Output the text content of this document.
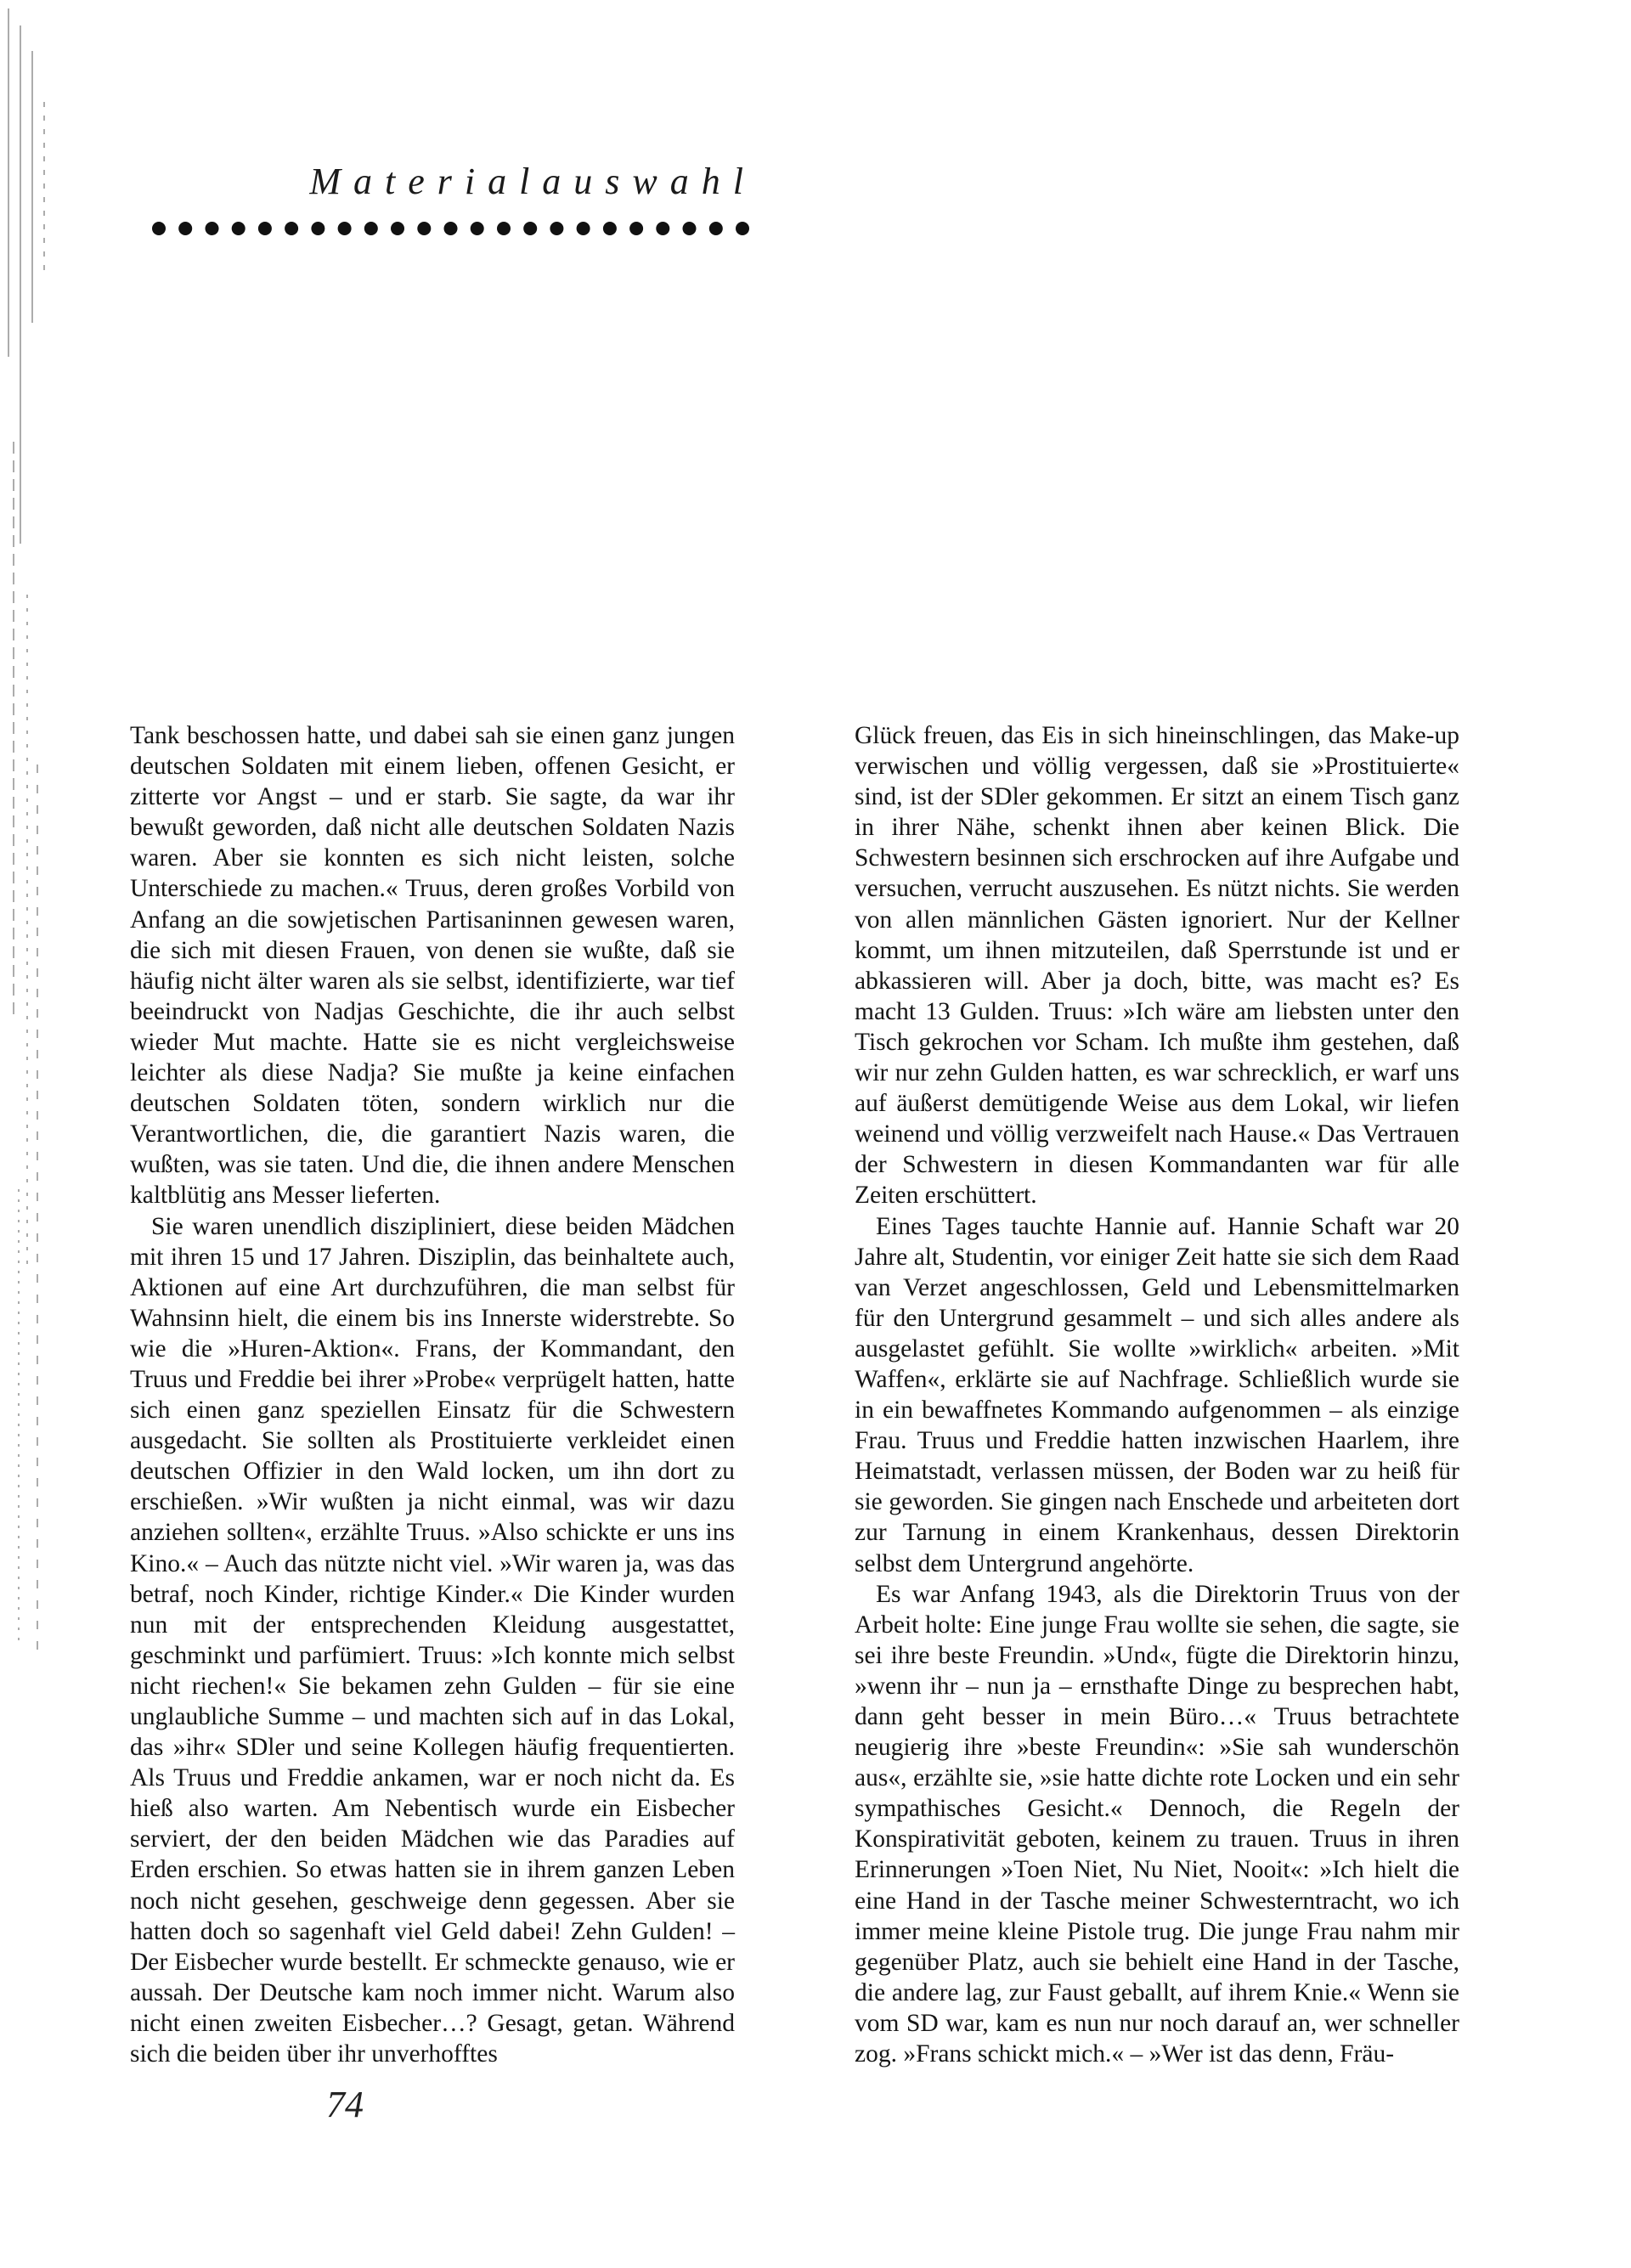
Materialauswahl

Tank beschossen hatte, und dabei sah sie einen ganz jungen deutschen Soldaten mit einem lieben, offenen Gesicht, er zitterte vor Angst – und er starb. Sie sagte, da war ihr bewußt geworden, daß nicht alle deutschen Soldaten Nazis waren. Aber sie konnten es sich nicht leisten, solche Unterschiede zu machen.« Truus, deren großes Vorbild von Anfang an die sowjetischen Partisaninnen gewesen waren, die sich mit diesen Frauen, von denen sie wußte, daß sie häufig nicht älter waren als sie selbst, identifizierte, war tief beeindruckt von Nadjas Geschichte, die ihr auch selbst wieder Mut machte. Hatte sie es nicht vergleichsweise leichter als diese Nadja? Sie mußte ja keine einfachen deutschen Soldaten töten, sondern wirklich nur die Verantwortlichen, die, die garantiert Nazis waren, die wußten, was sie taten. Und die, die ihnen andere Menschen kaltblütig ans Messer lieferten.

Sie waren unendlich diszipliniert, diese beiden Mädchen mit ihren 15 und 17 Jahren. Disziplin, das beinhaltete auch, Aktionen auf eine Art durchzuführen, die man selbst für Wahnsinn hielt, die einem bis ins Innerste widerstrebte. So wie die »Huren-Aktion«. Frans, der Kommandant, den Truus und Freddie bei ihrer »Probe« verprügelt hatten, hatte sich einen ganz speziellen Einsatz für die Schwestern ausgedacht. Sie sollten als Prostituierte verkleidet einen deutschen Offizier in den Wald locken, um ihn dort zu erschießen. »Wir wußten ja nicht einmal, was wir dazu anziehen sollten«, erzählte Truus. »Also schickte er uns ins Kino.« – Auch das nützte nicht viel. »Wir waren ja, was das betraf, noch Kinder, richtige Kinder.« Die Kinder wurden nun mit der entsprechenden Kleidung ausgestattet, geschminkt und parfümiert. Truus: »Ich konnte mich selbst nicht riechen!« Sie bekamen zehn Gulden – für sie eine unglaubliche Summe – und machten sich auf in das Lokal, das »ihr« SDler und seine Kollegen häufig frequentierten. Als Truus und Freddie ankamen, war er noch nicht da. Es hieß also warten. Am Nebentisch wurde ein Eisbecher serviert, der den beiden Mädchen wie das Paradies auf Erden erschien. So etwas hatten sie in ihrem ganzen Leben noch nicht gesehen, geschweige denn gegessen. Aber sie hatten doch so sagenhaft viel Geld dabei! Zehn Gulden! – Der Eisbecher wurde bestellt. Er schmeckte genauso, wie er aussah. Der Deutsche kam noch immer nicht. Warum also nicht einen zweiten Eisbecher…? Gesagt, getan. Während sich die beiden über ihr unverhofftes

Glück freuen, das Eis in sich hineinschlingen, das Make-up verwischen und völlig vergessen, daß sie »Prostituierte« sind, ist der SDler gekommen. Er sitzt an einem Tisch ganz in ihrer Nähe, schenkt ihnen aber keinen Blick. Die Schwestern besinnen sich erschrocken auf ihre Aufgabe und versuchen, verrucht auszusehen. Es nützt nichts. Sie werden von allen männlichen Gästen ignoriert. Nur der Kellner kommt, um ihnen mitzuteilen, daß Sperrstunde ist und er abkassieren will. Aber ja doch, bitte, was macht es? Es macht 13 Gulden. Truus: »Ich wäre am liebsten unter den Tisch gekrochen vor Scham. Ich mußte ihm gestehen, daß wir nur zehn Gulden hatten, es war schrecklich, er warf uns auf äußerst demütigende Weise aus dem Lokal, wir liefen weinend und völlig verzweifelt nach Hause.« Das Vertrauen der Schwestern in diesen Kommandanten war für alle Zeiten erschüttert.

Eines Tages tauchte Hannie auf. Hannie Schaft war 20 Jahre alt, Studentin, vor einiger Zeit hatte sie sich dem Raad van Verzet angeschlossen, Geld und Lebensmittelmarken für den Untergrund gesammelt – und sich alles andere als ausgelastet gefühlt. Sie wollte »wirklich« arbeiten. »Mit Waffen«, erklärte sie auf Nachfrage. Schließlich wurde sie in ein bewaffnetes Kommando aufgenommen – als einzige Frau. Truus und Freddie hatten inzwischen Haarlem, ihre Heimatstadt, verlassen müssen, der Boden war zu heiß für sie geworden. Sie gingen nach Enschede und arbeiteten dort zur Tarnung in einem Krankenhaus, dessen Direktorin selbst dem Untergrund angehörte.

Es war Anfang 1943, als die Direktorin Truus von der Arbeit holte: Eine junge Frau wollte sie sehen, die sagte, sie sei ihre beste Freundin. »Und«, fügte die Direktorin hinzu, »wenn ihr – nun ja – ernsthafte Dinge zu besprechen habt, dann geht besser in mein Büro…« Truus betrachtete neugierig ihre »beste Freundin«: »Sie sah wunderschön aus«, erzählte sie, »sie hatte dichte rote Locken und ein sehr sympathisches Gesicht.« Dennoch, die Regeln der Konspirativität geboten, keinem zu trauen. Truus in ihren Erinnerungen »Toen Niet, Nu Niet, Nooit«: »Ich hielt die eine Hand in der Tasche meiner Schwesterntracht, wo ich immer meine kleine Pistole trug. Die junge Frau nahm mir gegenüber Platz, auch sie behielt eine Hand in der Tasche, die andere lag, zur Faust geballt, auf ihrem Knie.« Wenn sie vom SD war, kam es nun nur noch darauf an, wer schneller zog. »Frans schickt mich.« – »Wer ist das denn, Fräu-

74
